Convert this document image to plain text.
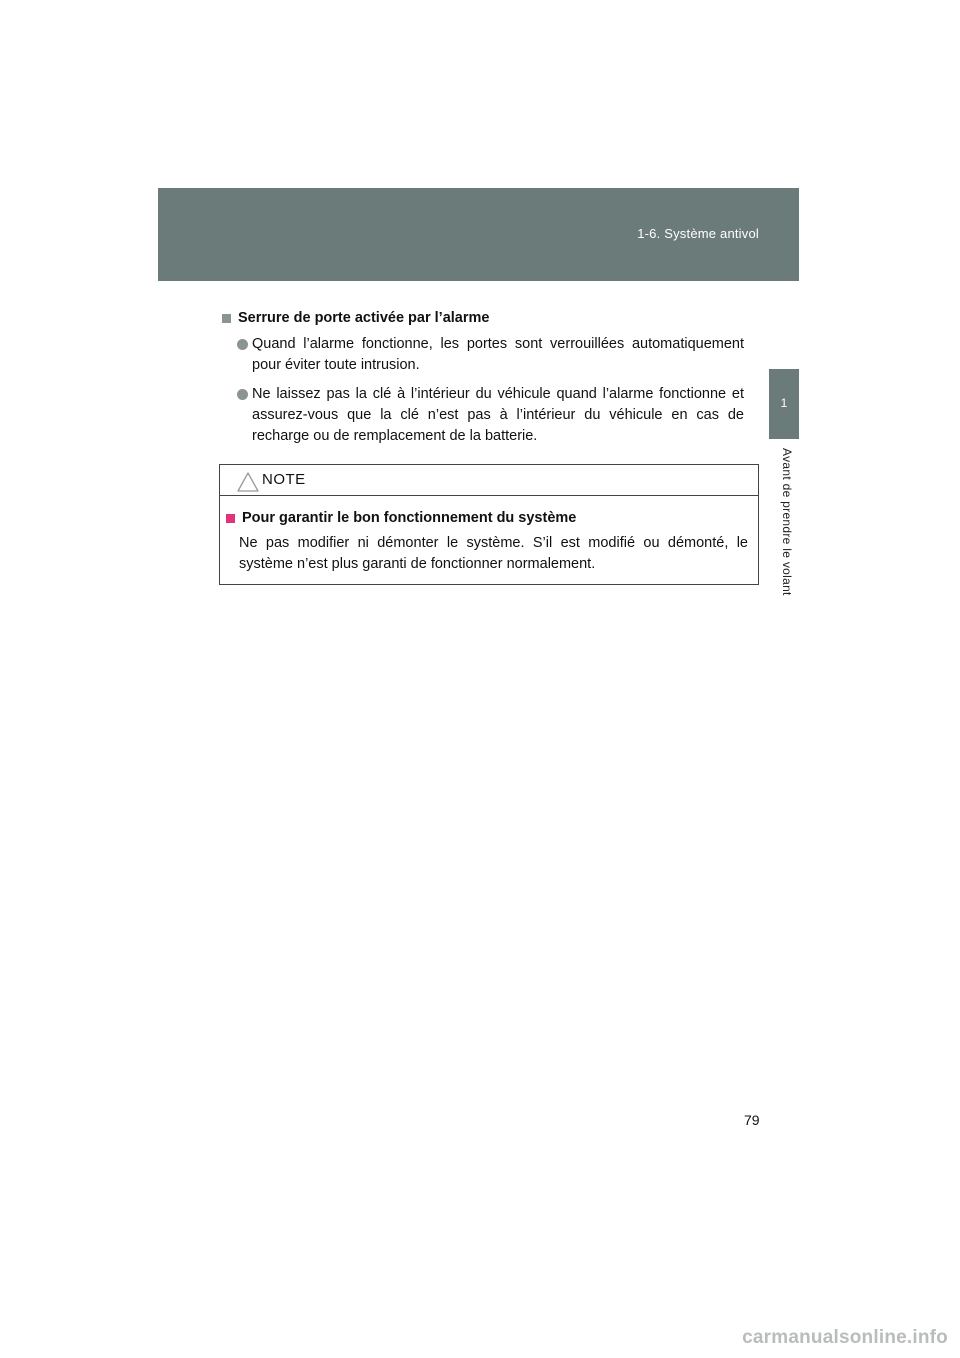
1-6. Système antivol
1
Avant de prendre le volant
Serrure de porte activée par l’alarme
Quand l’alarme fonctionne, les portes sont verrouillées automatiquement pour éviter toute intrusion.
Ne laissez pas la clé à l’intérieur du véhicule quand l’alarme fonctionne et assurez-vous que la clé n’est pas à l’intérieur du véhicule en cas de recharge ou de remplacement de la batterie.
NOTE
Pour garantir le bon fonctionnement du système
Ne pas modifier ni démonter le système. S’il est modifié ou démonté, le système n’est plus garanti de fonctionner normalement.
79
carmanualsonline.info
